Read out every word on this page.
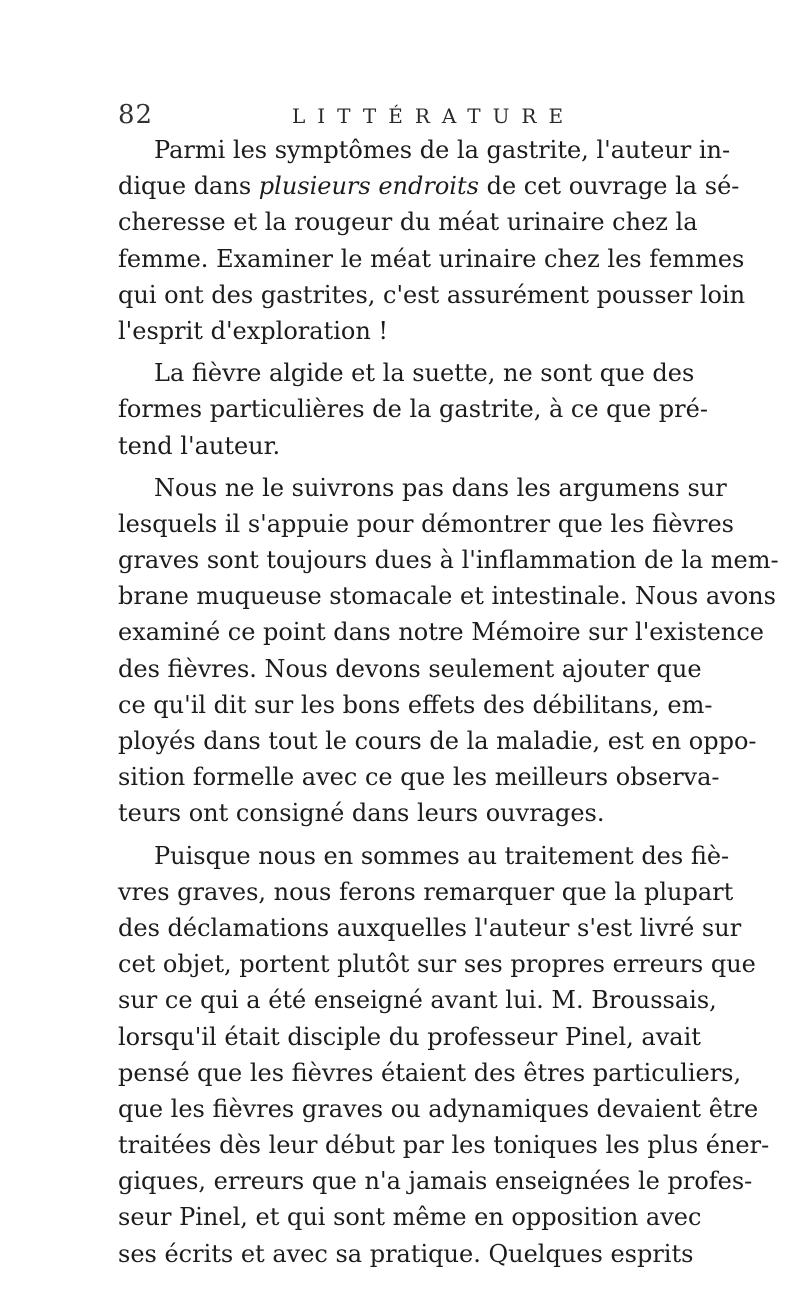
82	LITTÉRATURE
Parmi les symptômes de la gastrite, l'auteur in-
dique dans plusieurs endroits de cet ouvrage la sé-
cheresse et la rougeur du méat urinaire chez la
femme. Examiner le méat urinaire chez les femmes
qui ont des gastrites, c'est assurément pousser loin
l'esprit d'exploration !
La fièvre algide et la suette, ne sont que des
formes particulières de la gastrite, à ce que pré-
tend l'auteur.
Nous ne le suivrons pas dans les argumens sur
lesquels il s'appuie pour démontrer que les fièvres
graves sont toujours dues à l'inflammation de la mem-
brane muqueuse stomacale et intestinale. Nous avons
examiné ce point dans notre Mémoire sur l'existence
des fièvres. Nous devons seulement ajouter que
ce qu'il dit sur les bons effets des débilitans, em-
ployés dans tout le cours de la maladie, est en oppo-
sition formelle avec ce que les meilleurs observa-
teurs ont consigné dans leurs ouvrages.
Puisque nous en sommes au traitement des fiè-
vres graves, nous ferons remarquer que la plupart
des déclamations auxquelles l'auteur s'est livré sur
cet objet, portent plutôt sur ses propres erreurs que
sur ce qui a été enseigné avant lui. M. Broussais,
lorsqu'il était disciple du professeur Pinel, avait
pensé que les fièvres étaient des êtres particuliers,
que les fièvres graves ou adynamiques devaient être
traitées dès leur début par les toniques les plus éner-
giques, erreurs que n'a jamais enseignées le profes-
seur Pinel, et qui sont même en opposition avec
ses écrits et avec sa pratique. Quelques esprits
